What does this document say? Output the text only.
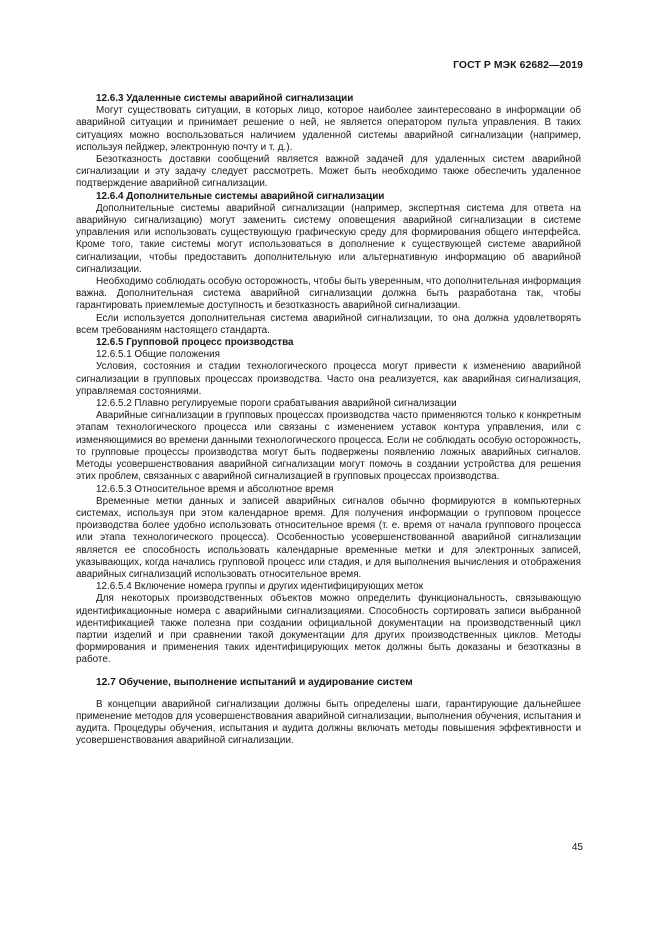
ГОСТ Р МЭК 62682—2019
12.6.3 Удаленные системы аварийной сигнализации

Могут существовать ситуации, в которых лицо, которое наиболее заинтересовано в информации об аварийной ситуации и принимает решение о ней, не является оператором пульта управления. В таких ситуациях можно воспользоваться наличием удаленной системы аварийной сигнализации (например, используя пейджер, электронную почту и т. д.).

Безотказность доставки сообщений является важной задачей для удаленных систем аварийной сигнализации и эту задачу следует рассмотреть. Может быть необходимо также обеспечить удаленное подтверждение аварийной сигнализации.

12.6.4 Дополнительные системы аварийной сигнализации

Дополнительные системы аварийной сигнализации (например, экспертная система для ответа на аварийную сигнализацию) могут заменить систему оповещения аварийной сигнализации в системе управления или использовать существующую графическую среду для формирования общего интерфейса. Кроме того, такие системы могут использоваться в дополнение к существующей системе аварийной сигнализации, чтобы предоставить дополнительную или альтернативную информацию об аварийной сигнализации.

Необходимо соблюдать особую осторожность, чтобы быть уверенным, что дополнительная информация важна. Дополнительная система аварийной сигнализации должна быть разработана так, чтобы гарантировать приемлемые доступность и безотказность аварийной сигнализации.

Если используется дополнительная система аварийной сигнализации, то она должна удовлетворять всем требованиям настоящего стандарта.

12.6.5 Групповой процесс производства
12.6.5.1 Общие положения

Условия, состояния и стадии технологического процесса могут привести к изменению аварийной сигнализации в групповых процессах производства. Часто она реализуется, как аварийная сигнализация, управляемая состояниями.

12.6.5.2 Плавно регулируемые пороги срабатывания аварийной сигнализации

Аварийные сигнализации в групповых процессах производства часто применяются только к конкретным этапам технологического процесса или связаны с изменением уставок контура управления, или с изменяющимися во времени данными технологического процесса. Если не соблюдать особую осторожность, то групповые процессы производства могут быть подвержены появлению ложных аварийных сигналов. Методы усовершенствования аварийной сигнализации могут помочь в создании устройства для решения этих проблем, связанных с аварийной сигнализацией в групповых процессах производства.

12.6.5.3 Относительное время и абсолютное время

Временные метки данных и записей аварийных сигналов обычно формируются в компьютерных системах, используя при этом календарное время. Для получения информации о групповом процессе производства более удобно использовать относительное время (т. е. время от начала группового процесса или этапа технологического процесса). Особенностью усовершенствованной аварийной сигнализации является ее способность использовать календарные временные метки и для электронных записей, указывающих, когда начались групповой процесс или стадия, и для выполнения вычисления и отображения аварийных сигнализаций использовать относительное время.

12.6.5.4 Включение номера группы и других идентифицирующих меток

Для некоторых производственных объектов можно определить функциональность, связывающую идентификационные номера с аварийными сигнализациями. Способность сортировать записи выбранной идентификацией также полезна при создании официальной документации на производственный цикл партии изделий и при сравнении такой документации для других производственных циклов. Методы формирования и применения таких идентифицирующих меток должны быть доказаны и безотказны в работе.

12.7 Обучение, выполнение испытаний и аудирование систем

В концепции аварийной сигнализации должны быть определены шаги, гарантирующие дальнейшее применение методов для усовершенствования аварийной сигнализации, выполнения обучения, испытания и аудита. Процедуры обучения, испытания и аудита должны включать методы повышения эффективности и усовершенствования аварийной сигнализации.

45
